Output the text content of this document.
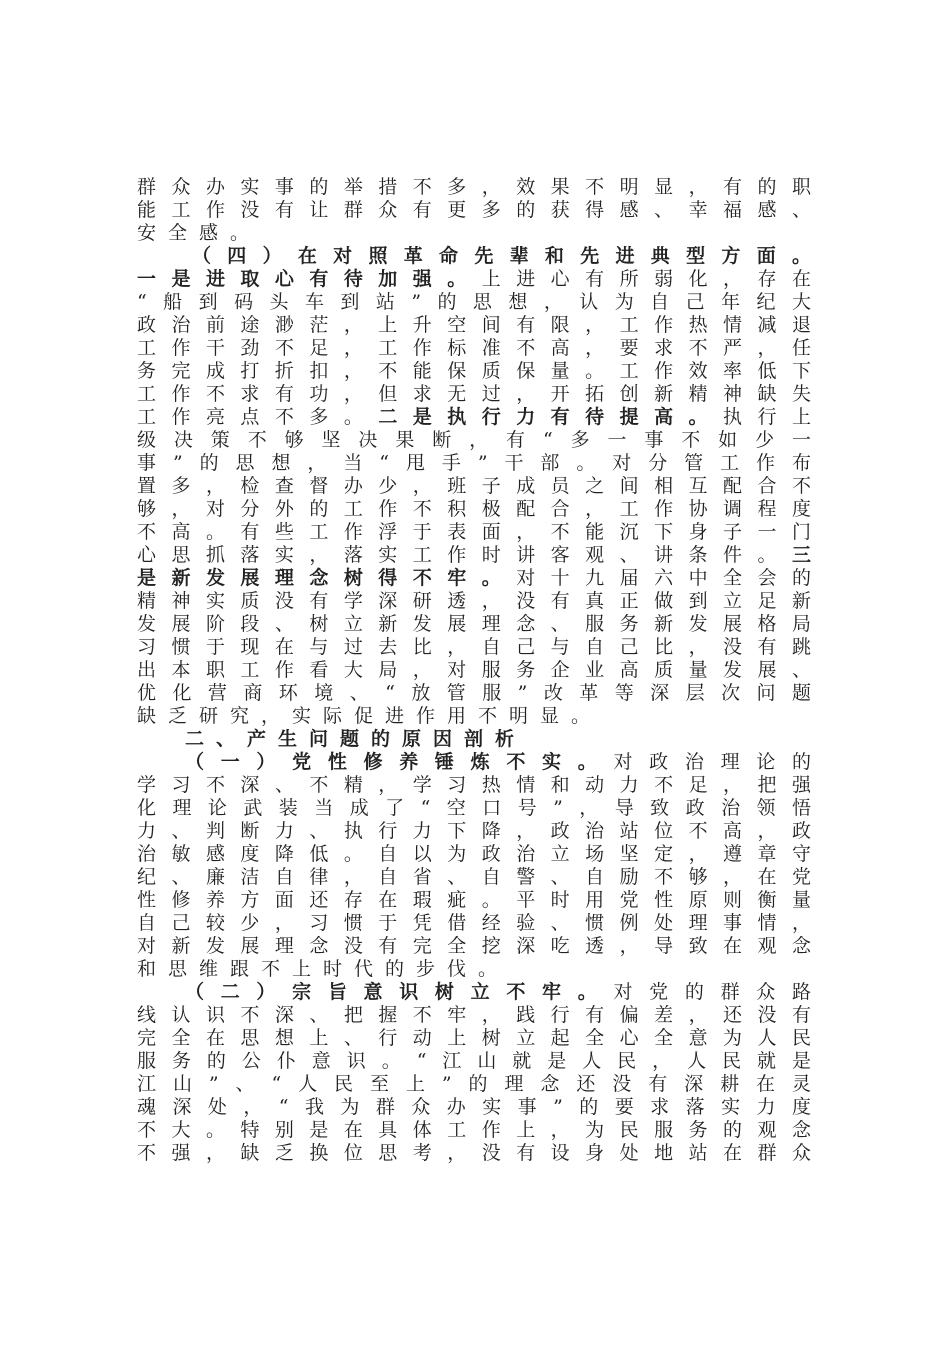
群众办实事的举措不多，效果不明显，有的职
能工作没有让群众有更多的获得感、幸福感、
安全感。
（四）在对照革命先辈和先进典型方面。
一是进取心有待加强。上进心有所弱化，存在
“船到码头车到站”的思想，认为自己年纪大
政治前途渺茫，上升空间有限，工作热情减退
工作干劲不足，工作标准不高，要求不严，任
务完成打折扣，不能保质保量。工作效率低下
工作不求有功，但求无过，开拓创新精神缺失
工作亮点不多。二是执行力有待提高。执行上
级决策不够坚决果断，有“多一事不如少一
事”的思想，当“甩手”干部。对分管工作布
置多，检查督办少，班子成员之间相互配合不
够，对分外的工作不积极配合，工作协调程度
不高。有些工作浮于表面，不能沉下身子一门
心思抓落实，落实工作时讲客观、讲条件。三
是新发展理念树得不牢。对十九届六中全会的
精神实质没有学深研透，没有真正做到立足新
发展阶段、树立新发展理念、服务新发展格局
习惯于现在与过去比，自己与自己比，没有跳
出本职工作看大局，对服务企业高质量发展、
优化营商环境、“放管服”改革等深层次问题
缺乏研究，实际促进作用不明显。
二、产生问题的原因剖析
（一）党性修养锤炼不实。对政治理论的
学习不深、不精，学习热情和动力不足，把强
化理论武装当成了“空口号”，导致政治领悟
力、判断力、执行力下降，政治站位不高，政
治敏感度降低。自以为政治立场坚定，遵章守
纪、廉洁自律，自省、自警、自励不够，在党
性修养方面还存在瑕疵。平时用党性原则衡量
自己较少，习惯于凭借经验、惯例处理事情，
对新发展理念没有完全挖深吃透，导致在观念
和思维跟不上时代的步伐。
（二）宗旨意识树立不牢。对党的群众路
线认识不深、把握不牢，践行有偏差，还没有
完全在思想上、行动上树立起全心全意为人民
服务的公仆意识。“江山就是人民，人民就是
江山”、“人民至上”的理念还没有深耕在灵
魂深处，“我为群众办实事”的要求落实力度
不大。特别是在具体工作上，为民服务的观念
不强，缺乏换位思考，没有设身处地站在群众
